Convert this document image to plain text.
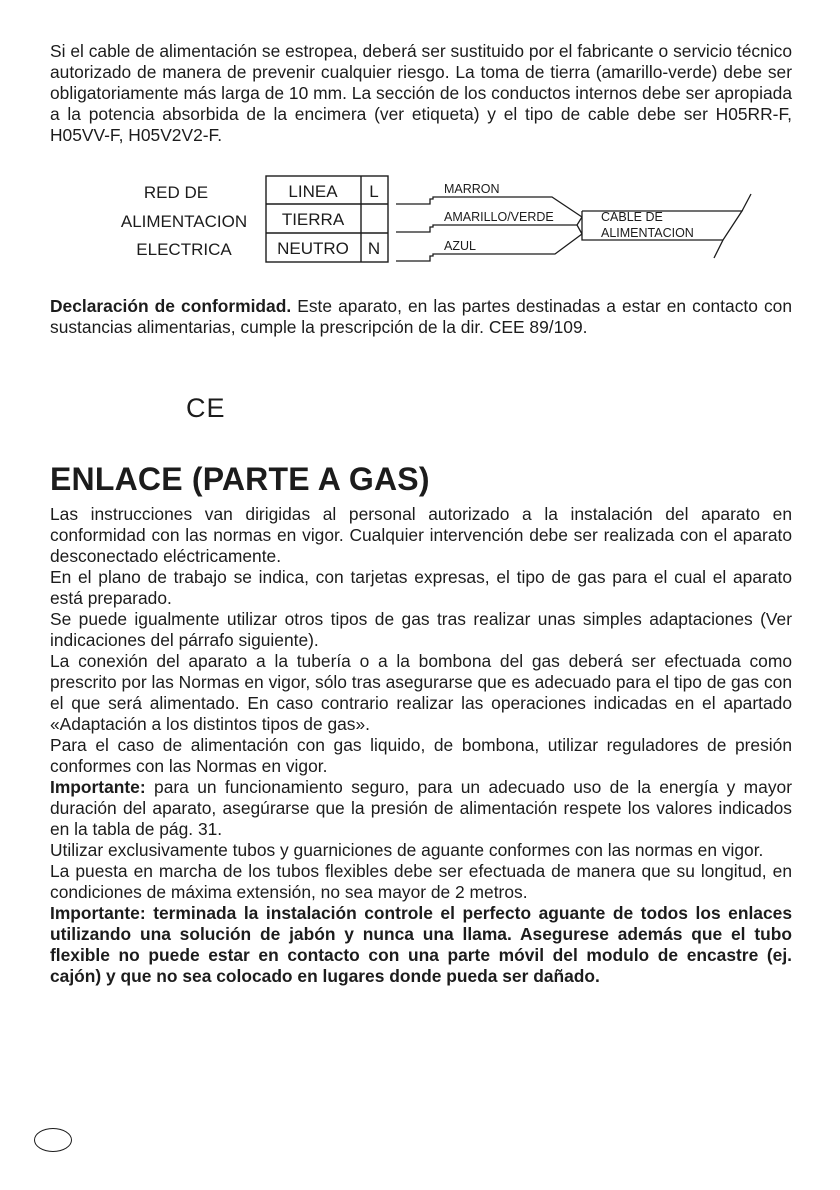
Si el cable de alimentación se estropea, deberá ser sustituido por el fabricante o servicio técnico autorizado de manera de prevenir cualquier riesgo. La toma de tierra (amarillo-verde) debe ser obligatoriamente más larga de 10 mm. La sección de los conductos internos debe ser apropiada a la potencia absorbida de la encimera (ver etiqueta) y el tipo de cable debe ser H05RR-F, H05VV-F, H05V2V2-F.

RED DE
ALIMENTACION
ELECTRICA
LINEA
TIERRA
NEUTRO
L
N
MARRON
AMARILLO/VERDE
AZUL
CABLE DE
ALIMENTACION

Declaración de conformidad. Este aparato, en las partes destinadas a estar en contacto con sustancias alimentarias, cumple la prescripción de la dir. CEE 89/109.

CE
ENLACE (PARTE A GAS)

Las instrucciones van dirigidas al personal autorizado a la instalación del aparato en conformidad con las normas en vigor. Cualquier intervención debe ser realizada con el aparato desconectado eléctricamente.

En el plano de trabajo se indica, con tarjetas expresas, el tipo de gas para el cual el aparato está preparado.

Se puede igualmente utilizar otros tipos de gas tras realizar unas simples adaptaciones (Ver indicaciones del párrafo siguiente).

La conexión del aparato a la tubería o a la bombona del gas deberá ser efectuada como prescrito por las Normas en vigor, sólo tras asegurarse que es adecuado para el tipo de gas con el que será alimentado. En caso contrario realizar las operaciones indicadas en el apartado «Adaptación a los distintos tipos de gas».

Para el caso de alimentación con gas liquido, de bombona, utilizar reguladores de presión conformes con las Normas en vigor.

Importante: para un funcionamiento seguro, para un adecuado uso de la energía y mayor duración del aparato, asegúrarse que la presión de alimentación respete los valores indicados en la tabla de pág. 31.

Utilizar exclusivamente tubos y guarniciones de aguante conformes con las normas en vigor.

La puesta en marcha de los tubos flexibles debe ser efectuada de manera que su longitud, en condiciones de máxima extensión, no sea mayor de 2 metros.

Importante: terminada la instalación controle el perfecto aguante de todos los enlaces utilizando una solución de jabón y nunca una llama. Asegurese además que el tubo flexible no puede estar en contacto con una parte móvil del modulo de encastre (ej. cajón) y que no sea colocado en lugares donde pueda ser dañado.
